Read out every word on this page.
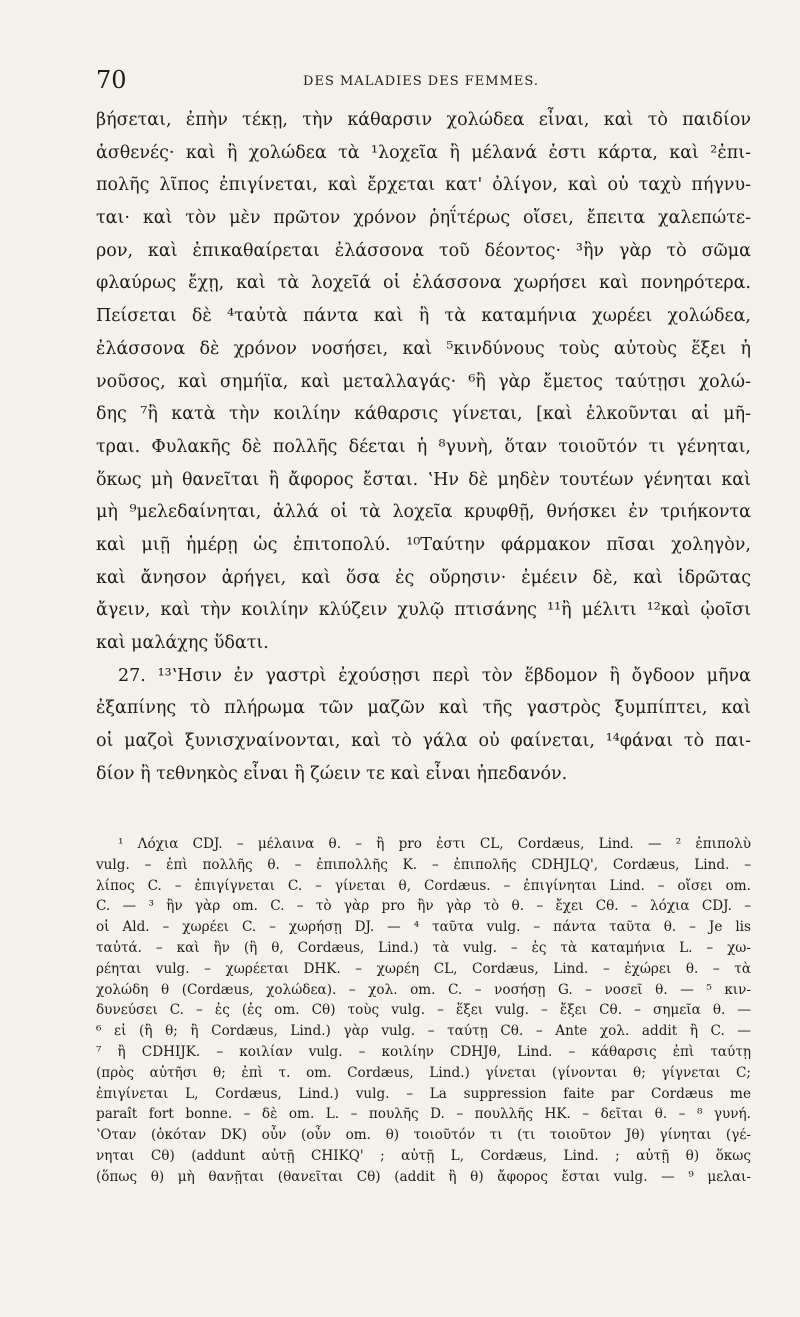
70	DES MALADIES DES FEMMES.
βήσεται, ἐπὴν τέκῃ, τὴν κάθαρσιν χολώδεα εἶναι, καὶ τὸ παιδίον
ἀσθενές· καὶ ἢ χολώδεα τὰ ¹λοχεῖα ἢ μέλανά ἐστι κάρτα, καὶ ²ἐπι-
πολῆς λῖπος ἐπιγίνεται, καὶ ἔρχεται κατ' ὀλίγον, καὶ οὐ ταχὺ πήγνυ-
ται· καὶ τὸν μὲν πρῶτον χρόνον ῥηΐτέρως οἴσει, ἔπειτα χαλεπώτε-
ρον, καὶ ἐπικαθαίρεται ἐλάσσονα τοῦ δέοντος· ³ἢν γὰρ τὸ σῶμα
φλαύρως ἔχῃ, καὶ τὰ λοχεῖά οἱ ἐλάσσονα χωρήσει καὶ πονηρότερα.
Πείσεται δὲ ⁴ταὐτὰ πάντα καὶ ἢ τὰ καταμήνια χωρέει χολώδεα,
ἐλάσσονα δὲ χρόνον νοσήσει, καὶ ⁵κινδύνους τοὺς αὐτοὺς ἕξει ἡ
νοῦσος, καὶ σημήϊα, καὶ μεταλλαγάς· ⁶ἢ γὰρ ἔμετος ταύτῃσι χολώ-
δης ⁷ἢ κατὰ τὴν κοιλίην κάθαρσις γίνεται, [καὶ ἑλκοῦνται αἱ μῆ-
τραι. Φυλακῆς δὲ πολλῆς δέεται ἡ ⁸γυνὴ, ὅταν τοιοῦτόν τι γένηται,
ὅκως μὴ θανεῖται ἢ ἄφορος ἔσται. ʽΗν δὲ μηδὲν τουτέων γένηται καὶ
μὴ ⁹μελεδαίνηται, ἀλλά οἱ τὰ λοχεῖα κρυφθῇ, θνήσκει ἐν τριήκοντα
καὶ μιῇ ἡμέρῃ ὡς ἐπιτοπολύ. ¹⁰Ταύτην φάρμακον πῖσαι χοληγὸν,
καὶ ἄνησον ἀρήγει, καὶ ὅσα ἐς οὔρησιν· ἐμέειν δὲ, καὶ ἱδρῶτας
ἄγειν, καὶ τὴν κοιλίην κλύζειν χυλῷ πτισάνης ¹¹ἢ μέλιτι ¹²καὶ ᾠοῖσι
καὶ μαλάχης ὕδατι.
27. ¹³ʽΗσιν ἐν γαστρὶ ἐχούσῃσι περὶ τὸν ἕβδομον ἢ ὄγδοον μῆνα
ἐξαπίνης τὸ πλήρωμα τῶν μαζῶν καὶ τῆς γαστρὸς ξυμπίπτει, καὶ
οἱ μαζοὶ ξυνισχναίνονται, καὶ τὸ γάλα οὐ φαίνεται, ¹⁴φάναι τὸ παι-
δίον ἢ τεθνηκὸς εἶναι ἢ ζώειν τε καὶ εἶναι ἠπεδανόν.
¹ Λόχια CDJ. – μέλαινα θ. – ἢ pro ἐστι CL, Cordæus, Lind. — ² ἐπιπολὺ
vulg. – ἐπὶ πολλῆς θ. – ἐπιπολλῆς K. – ἐπιπολῆς CDHJLQ', Cordæus, Lind. –
λίπος C. – ἐπιγίγνεται C. – γίνεται θ, Cordæus. – ἐπιγίνηται Lind. – οἴσει om.
C. — ³ ἢν γὰρ om. C. – τὸ γὰρ pro ἢν γὰρ τὸ θ. – ἔχει Cθ. – λόχια CDJ. –
οἱ Ald. – χωρέει C. – χωρήσῃ DJ. — ⁴ ταῦτα vulg. – πάντα ταῦτα θ. – Je lis
ταὐτά. – καὶ ἢν (ἢ θ, Cordæus, Lind.) τὰ vulg. – ἐς τὰ καταμήνια L. – χω-
ρέηται vulg. – χωρέεται DHK. – χωρέη CL, Cordæus, Lind. – ἐχώρει θ. – τὰ
χολώδη θ (Cordæus, χολώδεα). – χολ. om. C. – νοσήσῃ G. – νοσεῖ θ. — ⁵ κιν-
δυνεύσει C. – ἐς (ἐς om. Cθ) τοὺς vulg. – ἕξει vulg. – ἔξει Cθ. – σημεῖα θ. —
⁶ εἰ (ἢ θ; ἢ Cordæus, Lind.) γὰρ vulg. – ταύτῃ Cθ. – Ante χολ. addit ἢ C. —
⁷ ἢ CDHIJK. – κοιλίαν vulg. – κοιλίην CDHJθ, Lind. – κάθαρσις ἐπὶ ταύτῃ
(πρὸς αὐτῆσι θ; ἐπὶ τ. om. Cordæus, Lind.) γίνεται (γίνονται θ; γίγνεται C;
ἐπιγίνεται L, Cordæus, Lind.) vulg. – La suppression faite par Cordæus me
paraît fort bonne. – δὲ om. L. – πουλῆς D. – πουλλῆς HK. – δεῖται θ. – ⁸ γυνή.
ʽΟταν (ὁκόταν DK) οὖν (οὖν om. θ) τοιοῦτόν τι (τι τοιοῦτον Jθ) γίνηται (γέ-
νηται Cθ) (addunt αὐτῇ CHIKQ' ; αὐτῇ L, Cordæus, Lind. ; αὐτῇ θ) ὅκως
(ὅπως θ) μὴ θανῇται (θανεῖται Cθ) (addit ἢ θ) ἄφορος ἔσται vulg. — ⁹ μελαι-
